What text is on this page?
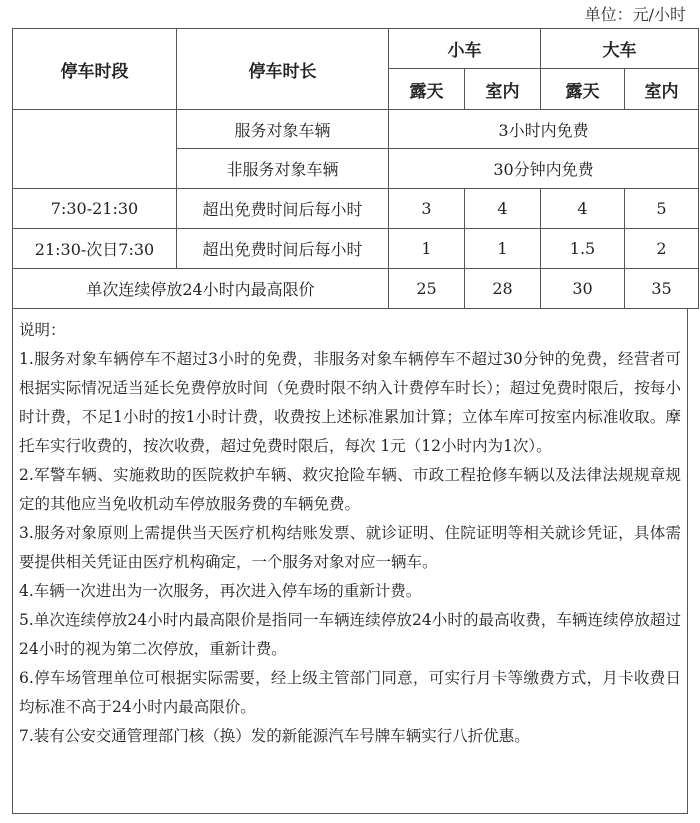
单位：元/小时
停车时段	停车时长	小车		大车	
		露天	室内	露天	室内
	服务对象车辆	3小时内免费			
	非服务对象车辆	30分钟内免费			
7:30-21:30	超出免费时间后每小时	3	4	4	5
21:30-次日7:30	超出免费时间后每小时	1	1	1.5	2
单次连续停放24小时内最高限价		25	28	30	35

说明：

1.服务对象车辆停车不超过3小时的免费，非服务对象车辆停车不超过30分钟的免费，经营者可根据实际情况适当延长免费停放时间（免费时限不纳入计费停车时长）；超过免费时限后，按每小时计费，不足1小时的按1小时计费，收费按上述标准累加计算；立体车库可按室内标准收取。摩托车实行收费的，按次收费，超过免费时限后，每次 1元（12小时内为1次）。

2.军警车辆、实施救助的医院救护车辆、救灾抢险车辆、市政工程抢修车辆以及法律法规规章规定的其他应当免收机动车停放服务费的车辆免费。

3.服务对象原则上需提供当天医疗机构结账发票、就诊证明、住院证明等相关就诊凭证，具体需要提供相关凭证由医疗机构确定，一个服务对象对应一辆车。

4.车辆一次进出为一次服务，再次进入停车场的重新计费。

5.单次连续停放24小时内最高限价是指同一车辆连续停放24小时的最高收费，车辆连续停放超过24小时的视为第二次停放，重新计费。

6.停车场管理单位可根据实际需要，经上级主管部门同意，可实行月卡等缴费方式，月卡收费日均标准不高于24小时内最高限价。

7.装有公安交通管理部门核（换）发的新能源汽车号牌车辆实行八折优惠。
